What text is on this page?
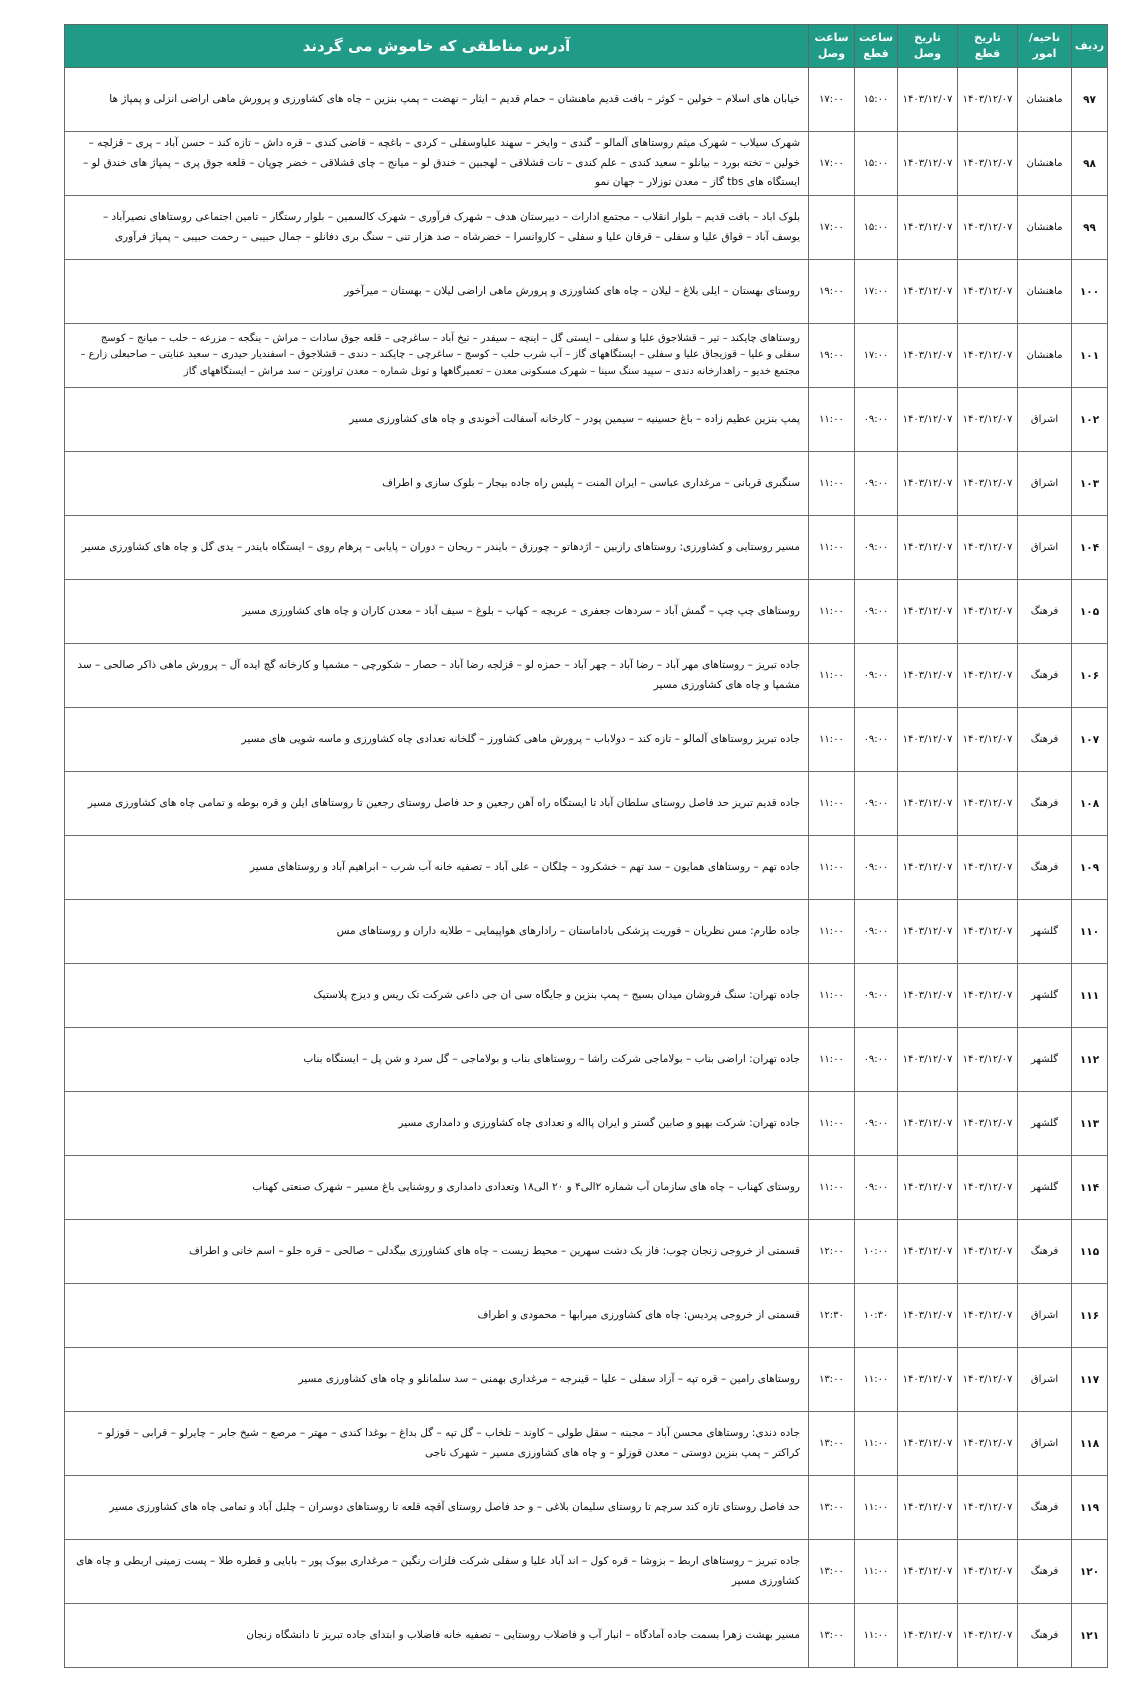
ردیف	ناحیه/امور	تاریخ قطع	تاریخ وصل	ساعت قطع	ساعت وصل	آدرس مناطقی که خاموش می گردند
۹۷	ماهنشان	۱۴۰۳/۱۲/۰۷	۱۴۰۳/۱۲/۰۷	۱۵:۰۰	۱۷:۰۰	خیابان های اسلام – خولین – کوثر – بافت قدیم ماهنشان – حمام قدیم – ایثار – نهضت – پمپ بنزین – چاه های کشاورزی و پرورش ماهی اراضی انزلی و پمپاژ ها

۹۸	ماهنشان	۱۴۰۳/۱۲/۰۷	۱۴۰۳/۱۲/۰۷	۱۵:۰۰	۱۷:۰۰	شهرک سیلاب – شهرک میثم روستاهای آلمالو – گندی – وایخر – سهند علیاوسفلی – کردی – باغچه – قاضی کندی – قره داش – تازه کند – حسن آباد – پری – قزلچه – خولین – تخته بورد – بیانلو – سعید کندی – علم کندی – تات قشلاقی – لهجبین – خندق لو – میانج – چای قشلاقی – خضر چوپان – قلعه جوق پری – پمپاژ های خندق لو – ایستگاه های tbs گاز – معدن توزلار – جهان نمو

۹۹	ماهنشان	۱۴۰۳/۱۲/۰۷	۱۴۰۳/۱۲/۰۷	۱۵:۰۰	۱۷:۰۰	بلوک اباد – بافت قدیم – بلوار انقلاب – مجتمع ادارات – دبیرستان هدف – شهرک فرآوری – شهرک کالسمین – بلوار رستگار – تامین اجتماعی روستاهای نصیرآباد – یوسف آباد – قواق علیا و سفلی – قرقان علیا و سفلی – کاروانسرا – خضرشاه – صد هزار تنی – سنگ بری دفانلو – جمال حبیبی – رحمت حبیبی – پمپاژ فرآوری

۱۰۰	ماهنشان	۱۴۰۳/۱۲/۰۷	۱۴۰۳/۱۲/۰۷	۱۷:۰۰	۱۹:۰۰	روستای بهستان – ایلی بلاغ – لیلان – چاه های کشاورزی و پرورش ماهی اراضی لیلان – بهستان – میرآخور

۱۰۱	ماهنشان	۱۴۰۳/۱۲/۰۷	۱۴۰۳/۱۲/۰۷	۱۷:۰۰	۱۹:۰۰	روستاهای چایکند – تیر – قشلاجوق علیا و سفلی – ایستی گل – اینچه – سیفدر – تیخ آباد – ساغرچی – قلعه جوق سادات – مراش – ینگجه – مزرعه – حلب – میانج – کوسج سفلی و علیا – قوزیجاق علیا و سفلی – ایستگاههای گاز – آب شرب حلب – کوسج – ساغرچی – چایکند – دندی – قشلاجوق – اسفندیار حیدری – سعید عنایتی – صاحبعلی زارع – مجتمع خدیو – راهدارخانه دندی – سپید سنگ سینا – شهرک مسکونی معدن – تعمیرگاهها و تونل شماره – معدن تراورتن – سد مراش – ایستگاههای گاز

۱۰۲	اشراق	۱۴۰۳/۱۲/۰۷	۱۴۰۳/۱۲/۰۷	۰۹:۰۰	۱۱:۰۰	پمپ بنزین عظیم زاده – باغ حسینیه – سیمین پودر – کارخانه آسفالت آخوندی و چاه های کشاورزی مسیر

۱۰۳	اشراق	۱۴۰۳/۱۲/۰۷	۱۴۰۳/۱۲/۰۷	۰۹:۰۰	۱۱:۰۰	سنگبری قربانی – مرغداری عباسی – ایران المنت – پلیس راه جاده بیجار – بلوک سازی و اطراف

۱۰۴	اشراق	۱۴۰۳/۱۲/۰۷	۱۴۰۳/۱۲/۰۷	۰۹:۰۰	۱۱:۰۰	مسیر روستایی و کشاورزی: روستاهای رازبین – اژدهاتو – چورزق – بایندر – ریحان – دوران – پایابی – پرهام روی – ایستگاه بایندر – یدی گل و چاه های کشاورزی مسیر

۱۰۵	فرهنگ	۱۴۰۳/۱۲/۰۷	۱۴۰۳/۱۲/۰۷	۰۹:۰۰	۱۱:۰۰	روستاهای چپ چپ – گمش آباد – سردهات جعفری – عربچه – کهاب – بلوغ – سیف آباد – معدن کاران و چاه های کشاورزی مسیر

۱۰۶	فرهنگ	۱۴۰۳/۱۲/۰۷	۱۴۰۳/۱۲/۰۷	۰۹:۰۰	۱۱:۰۰	جاده تبریز – روستاهای مهر آباد – رضا آباد – چهر آباد – حمزه لو – قزلجه رضا آباد – حصار – شکورچی – مشمپا و کارخانه گچ ایده آل – پرورش ماهی ذاکر صالحی – سد مشمپا و چاه های کشاورزی مسیر

۱۰۷	فرهنگ	۱۴۰۳/۱۲/۰۷	۱۴۰۳/۱۲/۰۷	۰۹:۰۰	۱۱:۰۰	جاده تبریز روستاهای آلمالو – تازه کند – دولاباب – پرورش ماهی کشاورز – گلخانه تعدادی چاه کشاورزی و ماسه شویی های مسیر

۱۰۸	فرهنگ	۱۴۰۳/۱۲/۰۷	۱۴۰۳/۱۲/۰۷	۰۹:۰۰	۱۱:۰۰	جاده قدیم تبریز حد فاصل روستای سلطان آباد تا ایستگاه راه آهن رجعین و حد فاصل روستای رجعین تا روستاهای ایلن و قره بوطه و تمامی چاه های کشاورزی مسیر

۱۰۹	فرهنگ	۱۴۰۳/۱۲/۰۷	۱۴۰۳/۱۲/۰۷	۰۹:۰۰	۱۱:۰۰	جاده تهم – روستاهای همایون – سد تهم – خشکرود – چلگان – علی آباد – تصفیه خانه آب شرب – ابراهیم آباد و روستاهای مسیر

۱۱۰	گلشهر	۱۴۰۳/۱۲/۰۷	۱۴۰۳/۱۲/۰۷	۰۹:۰۰	۱۱:۰۰	جاده طارم: مس نظریان – فوریت پزشکی باداماستان – رادارهای هواپیمایی – طلایه داران و روستاهای مس

۱۱۱	گلشهر	۱۴۰۳/۱۲/۰۷	۱۴۰۳/۱۲/۰۷	۰۹:۰۰	۱۱:۰۰	جاده تهران: سنگ فروشان میدان بسیج – پمپ بنزین و جایگاه سی ان جی داعی شرکت تک ریس و دیزج پلاستیک

۱۱۲	گلشهر	۱۴۰۳/۱۲/۰۷	۱۴۰۳/۱۲/۰۷	۰۹:۰۰	۱۱:۰۰	جاده تهران: اراضی بناب – بولاماجی شرکت راشا – روستاهای بناب و بولاماجی – گل سرد و شن پل – ایستگاه بناب

۱۱۳	گلشهر	۱۴۰۳/۱۲/۰۷	۱۴۰۳/۱۲/۰۷	۰۹:۰۰	۱۱:۰۰	جاده تهران: شرکت بهپو و صابین گستر و ایران پااله و تعدادی چاه کشاورزی و دامداری مسیر

۱۱۴	گلشهر	۱۴۰۳/۱۲/۰۷	۱۴۰۳/۱۲/۰۷	۰۹:۰۰	۱۱:۰۰	روستای کهناب – چاه های سازمان آب شماره ۲الی۴ و ۲۰ الی۱۸ وتعدادی دامداری و روشنایی باغ مسیر – شهرک صنعتی کهناب

۱۱۵	فرهنگ	۱۴۰۳/۱۲/۰۷	۱۴۰۳/۱۲/۰۷	۱۰:۰۰	۱۲:۰۰	قسمتی از خروجی زنجان چوب: فاز یک دشت سهرین – محیط زیست – چاه های کشاورزی بیگدلی – صالحی – قره جلو – اسم خانی و اطراف

۱۱۶	اشراق	۱۴۰۳/۱۲/۰۷	۱۴۰۳/۱۲/۰۷	۱۰:۳۰	۱۲:۳۰	قسمتی از خروجی پردیس: چاه های کشاورزی میرابها – محمودی و اطراف

۱۱۷	اشراق	۱۴۰۳/۱۲/۰۷	۱۴۰۳/۱۲/۰۷	۱۱:۰۰	۱۳:۰۰	روستاهای رامین – قره تپه – آزاد سفلی – علیا – قینرجه – مرغداری بهمنی – سد سلمانلو و چاه های کشاورزی مسیر

۱۱۸	اشراق	۱۴۰۳/۱۲/۰۷	۱۴۰۳/۱۲/۰۷	۱۱:۰۰	۱۳:۰۰	جاده دندی: روستاهای محسن آباد – مجبنه – سقل طولی – کاوند – تلخاب – گل تپه – گل بداغ – بوغدا کندی – مهتر – مرصع – شیخ جابر – چایرلو – قرابی – قوزلو – کراکتر – پمپ بنزین دوستی – معدن قوزلو – و چاه های کشاورزی مسیر – شهرک ناجی

۱۱۹	فرهنگ	۱۴۰۳/۱۲/۰۷	۱۴۰۳/۱۲/۰۷	۱۱:۰۰	۱۳:۰۰	حد فاصل روستای تازه کند سرچم تا روستای سلیمان بلاغی – و حد فاصل روستای آقچه قلعه تا روستاهای دوسران – چلبل آباد و تمامی چاه های کشاورزی مسیر

۱۲۰	فرهنگ	۱۴۰۳/۱۲/۰۷	۱۴۰۳/۱۲/۰۷	۱۱:۰۰	۱۳:۰۰	جاده تبریز – روستاهای اربط – بزوشا – قره کول – اند آباد علیا و سفلی شرکت فلزات رنگین – مرغداری بیوک پور – بابایی و قطره طلا – پست زمینی اربطی و چاه های کشاورزی مسیر

۱۲۱	فرهنگ	۱۴۰۳/۱۲/۰۷	۱۴۰۳/۱۲/۰۷	۱۱:۰۰	۱۳:۰۰	مسیر بهشت زهرا بسمت جاده آمادگاه – انبار آب و فاضلاب روستایی – تصفیه خانه فاضلاب و ابتدای جاده تبریز تا دانشگاه زنجان
